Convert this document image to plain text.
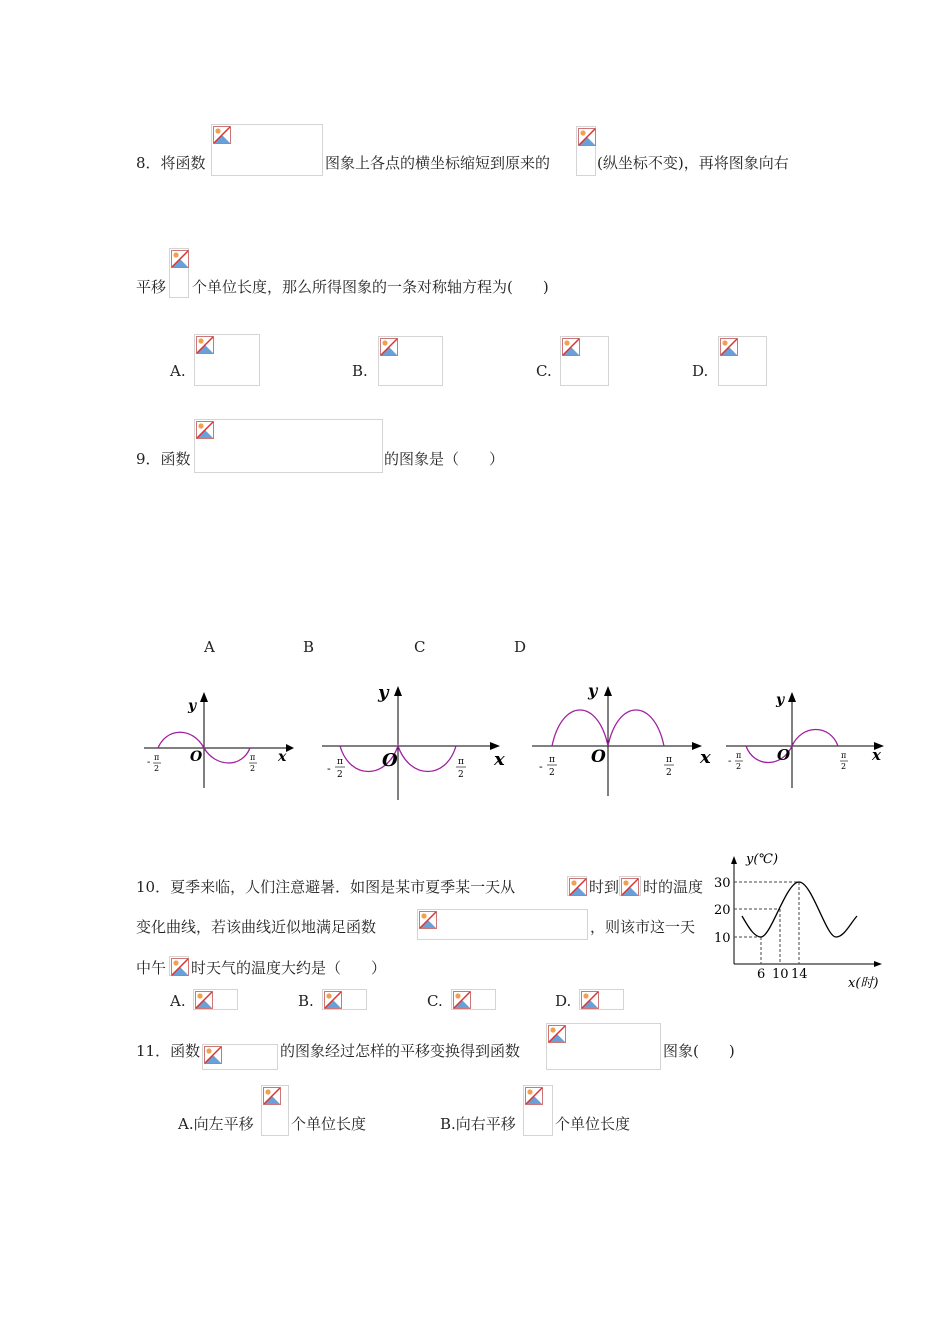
8．将函数	图象上各点的横坐标缩短到原来的	(纵坐标不变)，再将图象向右
平移 个单位长度，那么所得图象的一条对称轴方程为(　　)
A.	B.	C.	D.
9．函数	的图象是（　　）
A	B	C	D
y
x
O
- π
2
π
2
y
x
O
- π
2
π
2
y
x
O
- π
2
π
2
y
x
O
-
π
2
π
2
10．夏季来临，人们注意避暑．如图是某市夏季某一天从	时到 时的温度
变化曲线，若该曲线近似地满足函数	，则该市这一天
中午 时天气的温度大约是（　　）
A.	B.	C.	D.
y(℃)
30
20
10
6 10 14
x(时)
11．函数	的图象经过怎样的平移变换得到函数	图象(　　)
A.向左平移 个单位长度	B.向右平移	个单位长度
